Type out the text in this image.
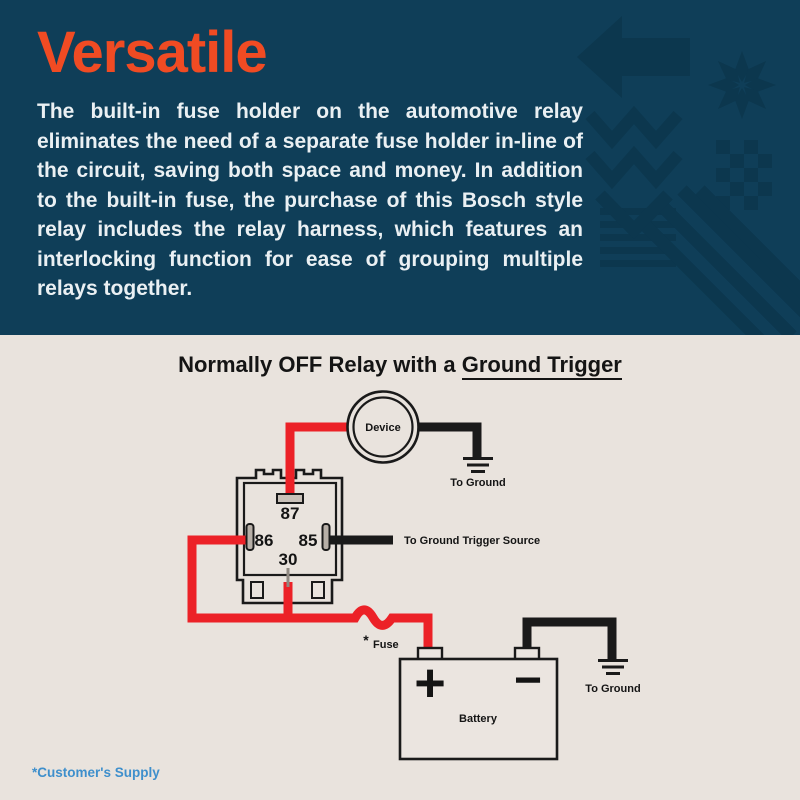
Versatile

The built-in fuse holder on the automotive relay eliminates the need of a separate fuse holder in-line of the circuit, saving both space and money. In addition to the built-in fuse, the purchase of this Bosch style relay includes the relay harness, which features an interlocking function for ease of grouping multiple relays together.

Normally OFF Relay with a Ground Trigger
Device
To Ground
To Ground Trigger Source
87
86 85
30
* Fuse
+ −
Battery
To Ground
*Customer's Supply
